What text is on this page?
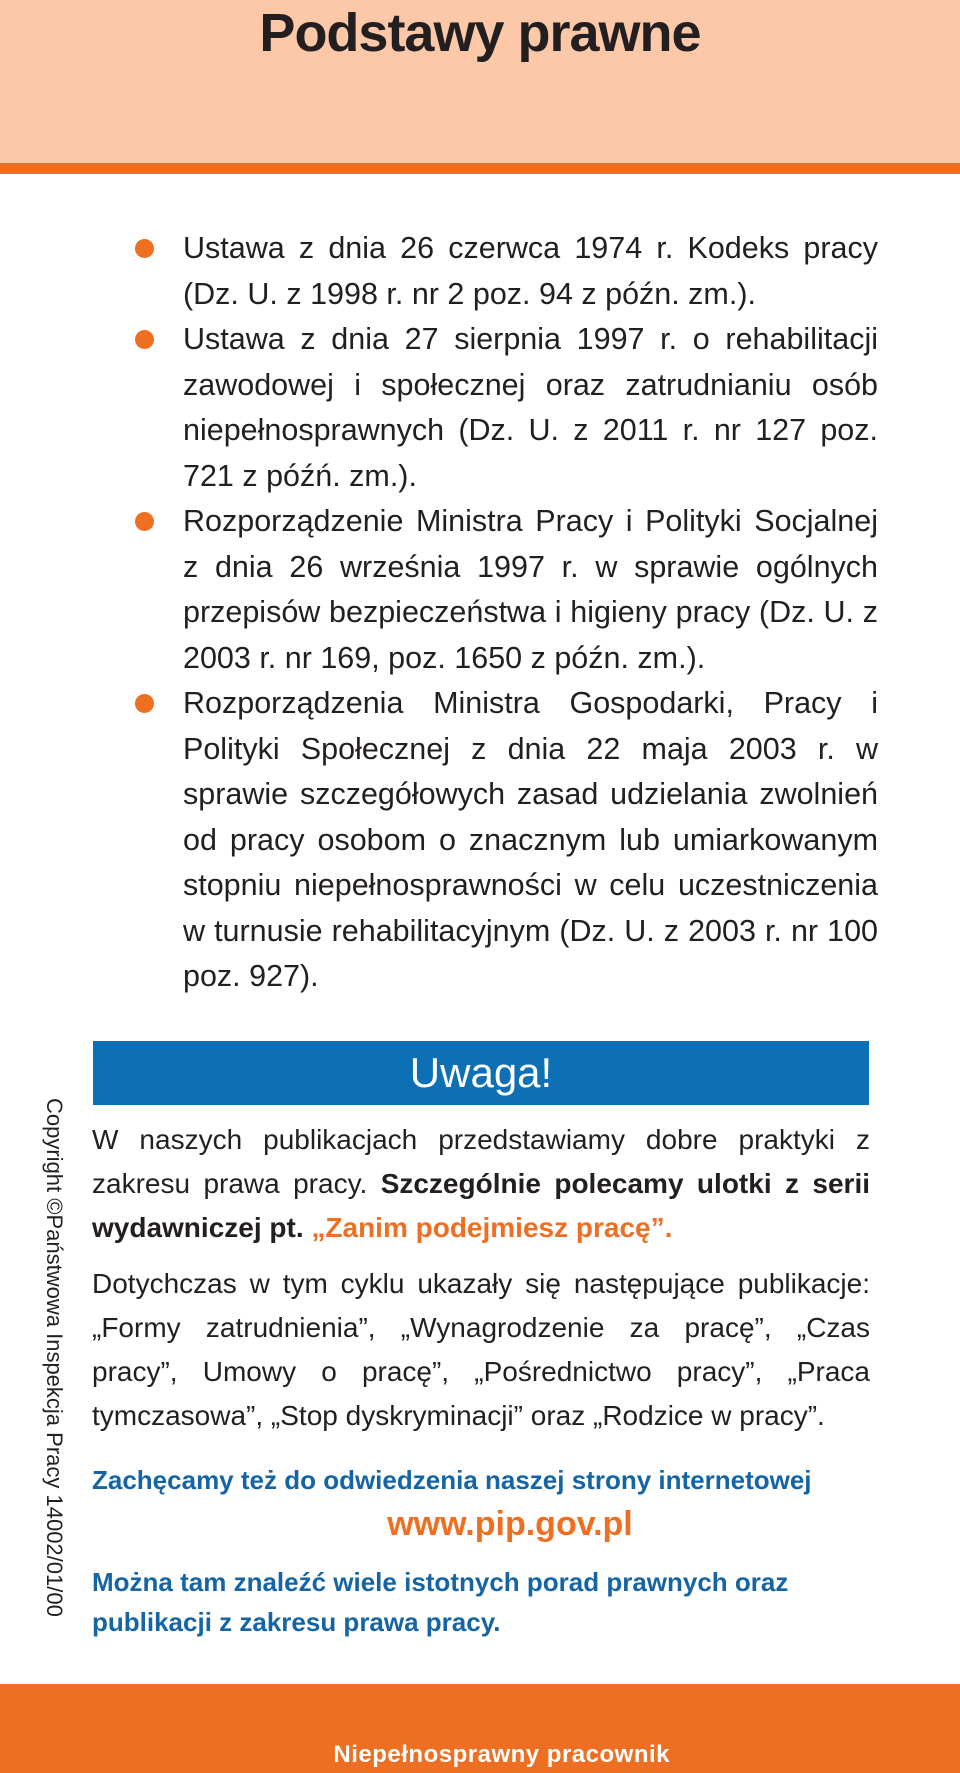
Podstawy prawne
Ustawa z dnia 26 czerwca 1974 r. Kodeks pracy (Dz. U. z 1998 r. nr 2 poz. 94 z późn. zm.).
Ustawa z dnia 27 sierpnia 1997 r. o rehabilitacji zawodowej i społecznej oraz zatrudnianiu osób niepełnosprawnych (Dz. U. z 2011 r. nr 127 poz. 721 z późń. zm.).
Rozporządzenie Ministra Pracy i Polityki Socjalnej z dnia 26 września 1997 r. w sprawie ogólnych przepisów bezpieczeństwa i higieny pracy (Dz. U. z 2003 r. nr 169, poz. 1650 z późn. zm.).
Rozporządzenia Ministra Gospodarki, Pracy i Polityki Społecznej z dnia 22 maja 2003 r. w sprawie szczegółowych zasad udzielania zwolnień od pracy osobom o znacznym lub umiarkowanym stopniu niepełnosprawności w celu uczestniczenia w turnusie rehabilitacyjnym (Dz. U. z 2003 r. nr 100 poz. 927).
Copyright ©Państwowa Inspekcja Pracy 14002/01/00
Uwaga!

W naszych publikacjach przedstawiamy dobre praktyki z zakresu prawa pracy. Szczególnie polecamy ulotki z serii wydawniczej pt. „Zanim podejmiesz pracę”.

Dotychczas w tym cyklu ukazały się następujące publikacje: „Formy zatrudnienia”, „Wynagrodzenie za pracę”, „Czas pracy”, Umowy o pracę”, „Pośrednictwo pracy”, „Praca tymczasowa”, „Stop dyskryminacji” oraz „Rodzice w pracy”.

Zachęcamy też do odwiedzenia naszej strony internetowej
www.pip.gov.pl
Można tam znaleźć wiele istotnych porad prawnych oraz publikacji z zakresu prawa pracy.
Niepełnosprawny pracownik
